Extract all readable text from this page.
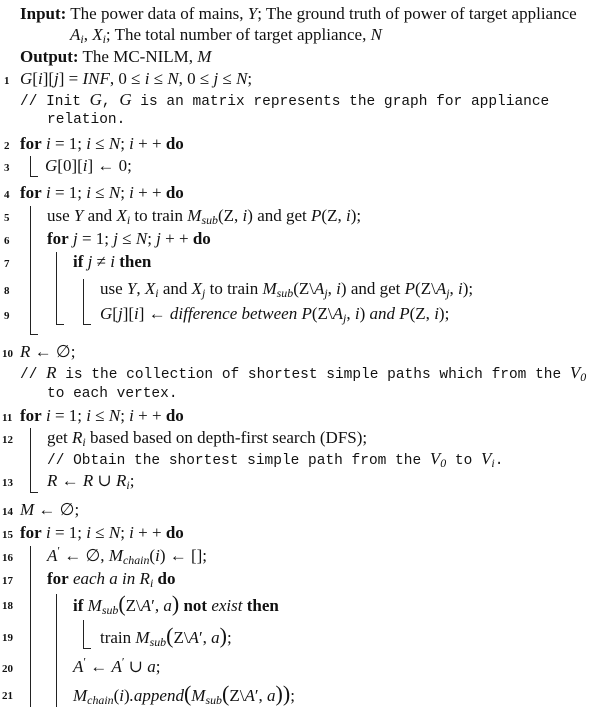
Input: The power data of mains, Y; The ground truth of power of target appliance
$A_i$, $X_i$; The total number of target appliance, N
Output: The MC-NILM, M
1 G[i][j] = INF, 0 ≤ i ≤ N, 0 ≤ j ≤ N;
// Init G, G is an matrix represents the graph for appliance
relation.
2 for i = 1; i ≤ N; i + + do
3	G[0][i] ← 0;
4 for i = 1; i ≤ N; i + + do
5	use Y and $X_i$ to train $M_{sub}(Z$, i) and get P(Z, i);
6	for j = 1; j ≤ N; j + + do
7	if j ≠ i then
8	use Y, $X_i$ and $X_j$ to train $M_{sub}(Z\backslash A_j$, i) and get $P(Z\backslash A_j$, i);
9	G[j][i] ← difference between $P(Z\backslash A_j$, i) and P(Z, i);
10 R ← ∅;
// R is the collection of shortest simple paths which from the $V_0$
to each vertex.
11 for i = 1; i ≤ N; i + + do
12 get $R_i$ based based on depth-first search (DFS);
// Obtain the shortest simple path from the $V_0$ to $V_i$.
13 R ← R ∪ $R_i$;
14 M ← ∅;
15 for i = 1; i ≤ N; i + + do
16 A′ ← ∅, $M_{chain}(i)$ ← [];
17 for each a in $R_i$ do
18	if $M_{sub}(Z\backslash A'$, a) not exist then
19	train $M_{sub}(Z\backslash A'$, a);
20	A′ ← A′ ∪ a;
21	$M_{chain}(i).append(M_{sub}(Z\backslash A'$, a));
